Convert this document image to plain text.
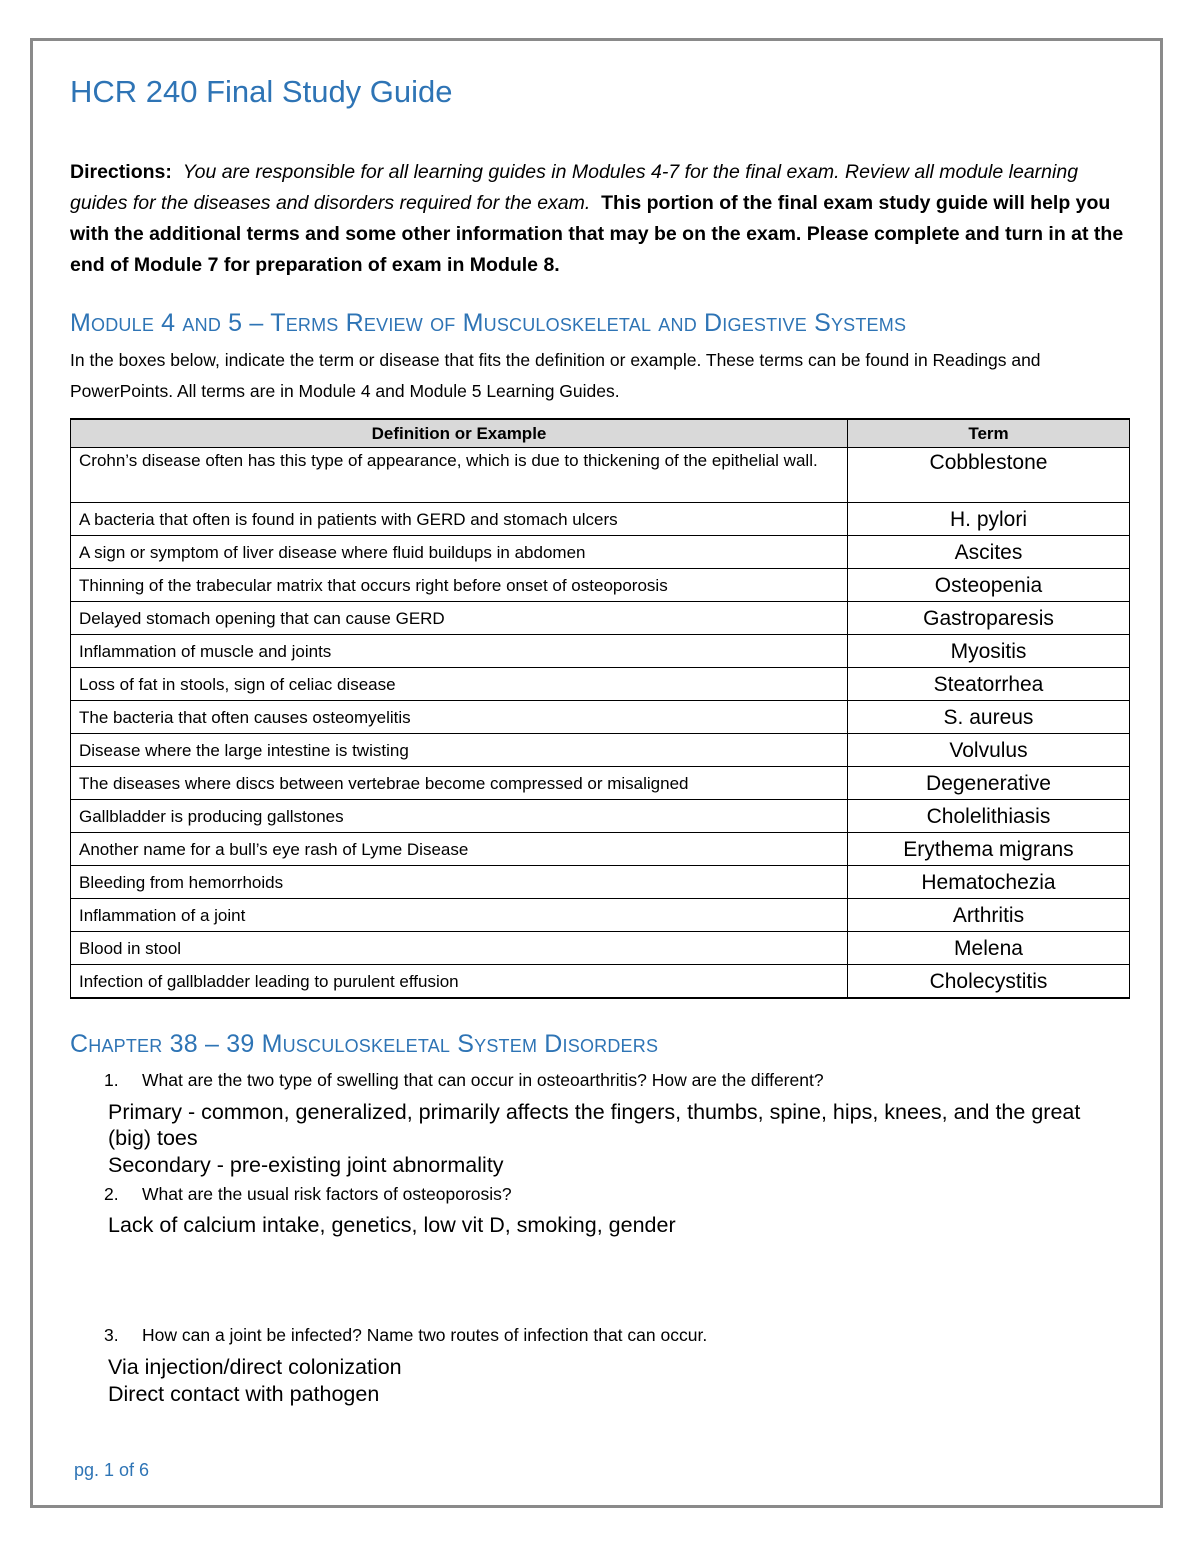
HCR 240 Final Study Guide

Directions: You are responsible for all learning guides in Modules 4-7 for the final exam. Review all module learning guides for the diseases and disorders required for the exam. This portion of the final exam study guide will help you with the additional terms and some other information that may be on the exam. Please complete and turn in at the end of Module 7 for preparation of exam in Module 8.

Module 4 and 5 – Terms Review of Musculoskeletal and Digestive Systems

In the boxes below, indicate the term or disease that fits the definition or example. These terms can be found in Readings and PowerPoints. All terms are in Module 4 and Module 5 Learning Guides.

Definition or Example	Term
Crohn’s disease often has this type of appearance, which is due to thickening of the epithelial wall.	Cobblestone
A bacteria that often is found in patients with GERD and stomach ulcers	H. pylori
A sign or symptom of liver disease where fluid buildups in abdomen	Ascites
Thinning of the trabecular matrix that occurs right before onset of osteoporosis	Osteopenia
Delayed stomach opening that can cause GERD	Gastroparesis
Inflammation of muscle and joints	Myositis
Loss of fat in stools, sign of celiac disease	Steatorrhea
The bacteria that often causes osteomyelitis	S. aureus
Disease where the large intestine is twisting	Volvulus
The diseases where discs between vertebrae become compressed or misaligned	Degenerative
Gallbladder is producing gallstones	Cholelithiasis
Another name for a bull’s eye rash of Lyme Disease	Erythema migrans
Bleeding from hemorrhoids	Hematochezia
Inflammation of a joint	Arthritis
Blood in stool	Melena
Infection of gallbladder leading to purulent effusion	Cholecystitis
Chapter 38 – 39 Musculoskeletal System Disorders
1. What are the two type of swelling that can occur in osteoarthritis? How are the different?

Primary - common, generalized, primarily affects the fingers, thumbs, spine, hips, knees, and the great (big) toes

Secondary - pre-existing joint abnormality

2. What are the usual risk factors of osteoporosis?

Lack of calcium intake, genetics, low vit D, smoking, gender

3. How can a joint be infected? Name two routes of infection that can occur.

Via injection/direct colonization

Direct contact with pathogen

pg. 1 of 6
